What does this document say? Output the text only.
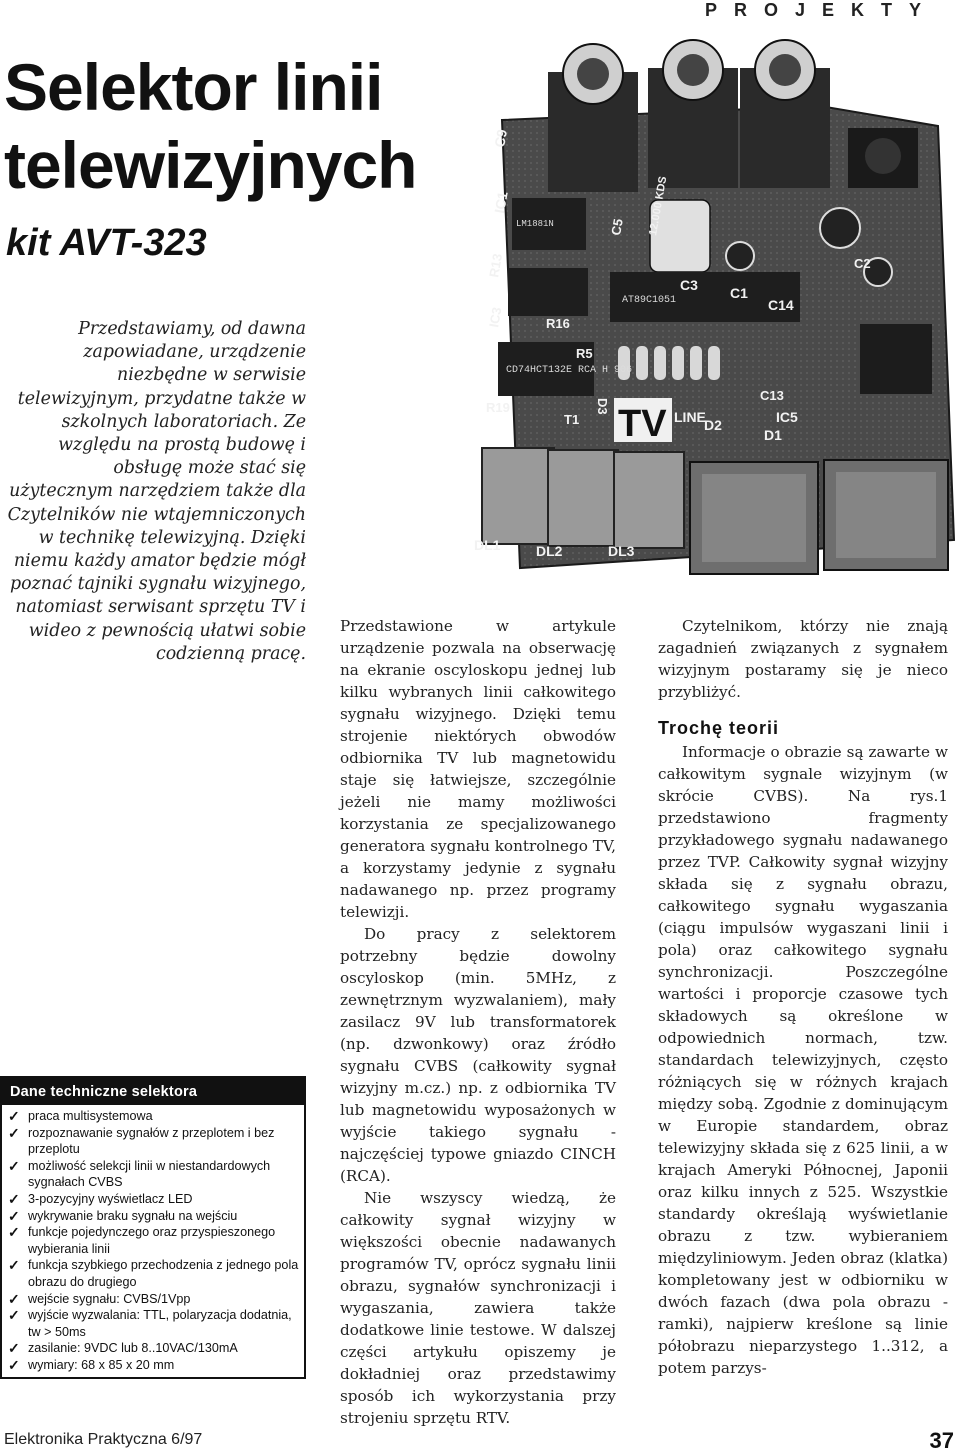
PROJEKTY
Selektor linii
telewizyjnych
kit AVT-323
Przedstawiamy, od dawna zapowiadane, urządzenie niezbędne w serwisie telewizyjnym, przydatne także w szkolnych laboratoriach. Ze względu na prostą budowę i obsługę może stać się użytecznym narzędziem także dla Czytelników nie wtajemniczonych w technikę telewizyjną. Dzięki niemu każdy amator będzie mógł poznać tajniki sygnału wizyjnego, natomiast serwisant sprzętu TV i wideo z pewnością ułatwi sobie codzienną pracę.
C9
IC1
R13
IC3
C5
C3 C1
C14
C2
R16
R5
R19
T1
D3
C13
IC5
D2
D1
DL1	DL2	DL3
TV LINE
12.000 KDS
CD74HCT132E RCA H 906
AT89C1051
LM1881N
Dane techniczne selektora
✓ praca multisystemowa
✓ rozpoznawanie sygnałów z przeplotem i bez przeplotu
✓ możliwość selekcji linii w niestandardowych sygnałach CVBS
✓ 3-pozycyjny wyświetlacz LED
✓ wykrywanie braku sygnału na wejściu
✓ funkcje pojedynczego oraz przyspieszonego wybierania linii
✓ funkcja szybkiego przechodzenia z jednego pola obrazu do drugiego
✓ wejście sygnału: CVBS/1Vpp
✓ wyjście wyzwalania: TTL, polaryzacja dodatnia, tw > 50ms
✓ zasilanie: 9VDC lub 8..10VAC/130mA
✓ wymiary: 68 x 85 x 20 mm

Przedstawione w artykule urządzenie pozwala na obserwację na ekranie oscyloskopu jednej lub kilku wybranych linii całkowitego sygnału wizyjnego. Dzięki temu strojenie niektórych obwodów odbiornika TV lub magnetowidu staje się łatwiejsze, szczególnie jeżeli nie mamy możliwości korzystania ze specjalizowanego generatora sygnału kontrolnego TV, a korzystamy jedynie z sygnału nadawanego np. przez programy telewizji.

Do pracy z selektorem potrzebny będzie dowolny oscyloskop (min. 5MHz, z zewnętrznym wyzwalaniem), mały zasilacz 9V lub transformatorek (np. dzwonkowy) oraz źródło sygnału CVBS (całkowity sygnał wizyjny m.cz.) np. z odbiornika TV lub magnetowidu wyposażonych w wyjście takiego sygnału - najczęściej typowe gniazdo CINCH (RCA).

Nie wszyscy wiedzą, że całkowity sygnał wizyjny w większości obecnie nadawanych programów TV, oprócz sygnału linii obrazu, sygnałów synchronizacji i wygaszania, zawiera także dodatkowe linie testowe. W dalszej części artykułu opiszemy je dokładniej oraz przedstawimy sposób ich wykorzystania przy strojeniu sprzętu RTV.

Czytelnikom, którzy nie znają zagadnień związanych z sygnałem wizyjnym postaramy się je nieco przybliżyć.

Trochę teorii

Informacje o obrazie są zawarte w całkowitym sygnale wizyjnym (w skrócie CVBS). Na rys.1 przedstawiono fragmenty przykładowego sygnału nadawanego przez TVP. Całkowity sygnał wizyjny składa się z sygnału obrazu, całkowitego sygnału wygaszania (ciągu impulsów wygaszani linii i pola) oraz całkowitego sygnału synchronizacji. Poszczególne wartości i proporcje czasowe tych składowych są określone w odpowiednich normach, tzw. standardach telewizyjnych, często różniących się w różnych krajach między sobą. Zgodnie z dominującym w Europie standardem, obraz telewizyjny składa się z 625 linii, a w krajach Ameryki Północnej, Japonii oraz kilku innych z 525. Wszystkie standardy określają wyświetlanie obrazu z tzw. wybieraniem międzyliniowym. Jeden obraz (klatka) kompletowany jest w odbiorniku w dwóch fazach (dwa pola obrazu - ramki), najpierw kreślone są linie półobrazu nieparzystego 1..312, a potem parzys-

Elektronika Praktyczna 6/97	37
